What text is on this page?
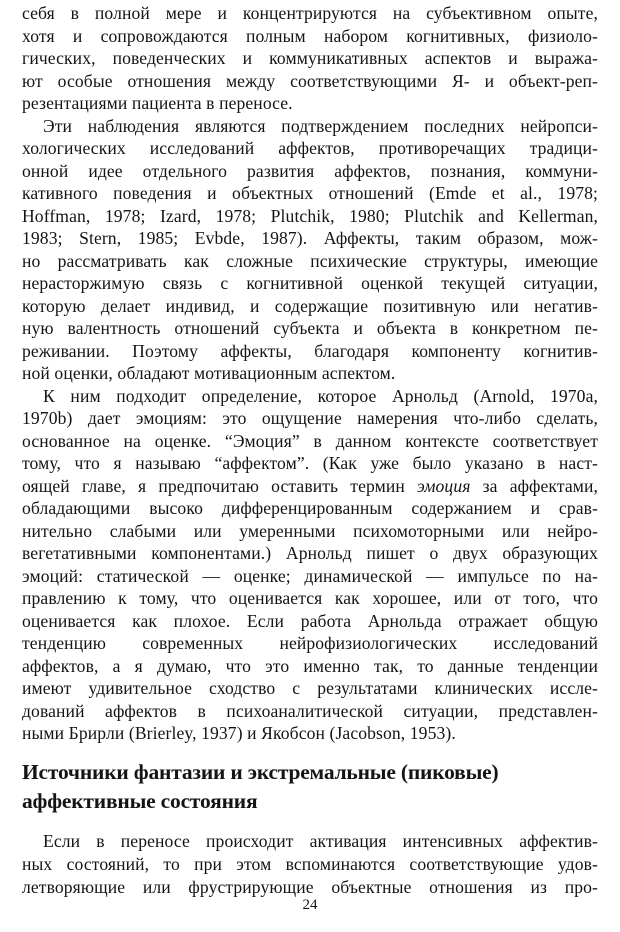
себя в полной мере и концентрируются на субъективном опыте,
хотя и сопровождаются полным набором когнитивных, физиоло-
гических, поведенческих и коммуникативных аспектов и выража-
ют особые отношения между соответствующими Я- и объект-реп-
резентациями пациента в переносе.
Эти наблюдения являются подтверждением последних нейропси-
хологических исследований аффектов, противоречащих традици-
онной идее отдельного развития аффектов, познания, коммуни-
кативного поведения и объектных отношений (Emde et al., 1978;
Hoffman, 1978; Izard, 1978; Plutchik, 1980; Plutchik and Kellerman,
1983; Stern, 1985; Evbde, 1987). Аффекты, таким образом, мож-
но рассматривать как сложные психические структуры, имеющие
нерасторжимую связь с когнитивной оценкой текущей ситуации,
которую делает индивид, и содержащие позитивную или негатив-
ную валентность отношений субъекта и объекта в конкретном пе-
реживании. Поэтому аффекты, благодаря компоненту когнитив-
ной оценки, обладают мотивационным аспектом.
К ним подходит определение, которое Арнольд (Arnold, 1970a,
1970b) дает эмоциям: это ощущение намерения что-либо сделать,
основанное на оценке. “Эмоция” в данном контексте соответствует
тому, что я называю “аффектом”. (Как уже было указано в наст-
оящей главе, я предпочитаю оставить термин эмоция за аффектами,
обладающими высоко дифференцированным содержанием и срав-
нительно слабыми или умеренными психомоторными или нейро-
вегетативными компонентами.) Арнольд пишет о двух образующих
эмоций: статической — оценке; динамической — импульсе по на-
правлению к тому, что оценивается как хорошее, или от того, что
оценивается как плохое. Если работа Арнольда отражает общую
тенденцию современных нейрофизиологических исследований
аффектов, а я думаю, что это именно так, то данные тенденции
имеют удивительное сходство с результатами клинических иссле-
дований аффектов в психоаналитической ситуации, представлен-
ными Брирли (Brierley, 1937) и Якобсон (Jacobson, 1953).
Источники фантазии и экстремальные (пиковые)
аффективные состояния
Если в переносе происходит активация интенсивных аффектив-
ных состояний, то при этом вспоминаются соответствующие удов-
летворяющие или фрустрирующие объектные отношения из про-
24
